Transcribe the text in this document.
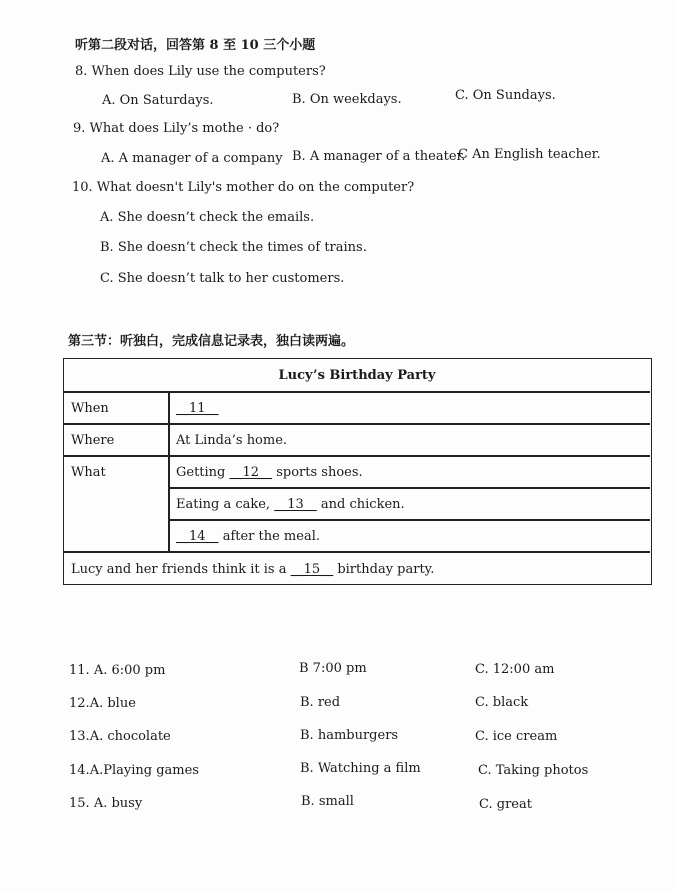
听第二段对话，回答第 8 至 10 三个小题
8. When does Lily use the computers?
A. On Saturdays.	B. On weekdays.	C. On Sundays.
9. What does Lily’s mothe · do?
A. A manager of a company B. A manager of a theater.
C An English teacher.
10. What doesn't Lily's mother do on the computer?
A. She doesn’t check the emails.
B. She doesn’t check the times of trains.
C. She doesn’t talk to her customers.
第三节：听独白，完成信息记录表，独白读两遍。
Lucy’s Birthday Party
When	__11__
Where	At Linda’s home.
What	Getting __12__ sports shoes.
Eating a cake, __13__ and chicken.
__14__ after the meal.
Lucy and her friends think it is a __15__ birthday party.
11. A. 6:00 pm	B 7:00 pm	C. 12:00 am
12.A. blue	B. red	C. black
13.A. chocolate	B. hamburgers	C. ice cream
14.A.Playing games	B. Watching a film	C. Taking photos
15. A. busy	B. small	C. great
